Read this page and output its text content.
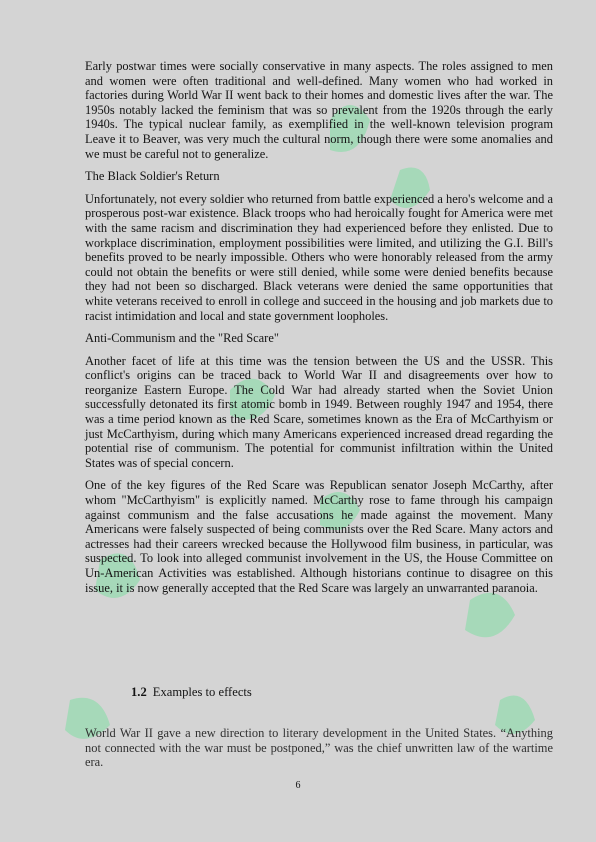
Early postwar times were socially conservative in many aspects. The roles assigned to men and women were often traditional and well-defined. Many women who had worked in factories during World War II went back to their homes and domestic lives after the war. The 1950s notably lacked the feminism that was so prevalent from the 1920s through the early 1940s. The typical nuclear family, as exemplified in the well-known television program Leave it to Beaver, was very much the cultural norm, though there were some anomalies and we must be careful not to generalize.

The Black Soldier's Return

Unfortunately, not every soldier who returned from battle experienced a hero's welcome and a prosperous post-war existence. Black troops who had heroically fought for America were met with the same racism and discrimination they had experienced before they enlisted. Due to workplace discrimination, employment possibilities were limited, and utilizing the G.I. Bill's benefits proved to be nearly impossible. Others who were honorably released from the army could not obtain the benefits or were still denied, while some were denied benefits because they had not been so discharged. Black veterans were denied the same opportunities that white veterans received to enroll in college and succeed in the housing and job markets due to racist intimidation and local and state government loopholes.

Anti-Communism and the "Red Scare"

Another facet of life at this time was the tension between the US and the USSR. This conflict's origins can be traced back to World War II and disagreements over how to reorganize Eastern Europe. The Cold War had already started when the Soviet Union successfully detonated its first atomic bomb in 1949. Between roughly 1947 and 1954, there was a time period known as the Red Scare, sometimes known as the Era of McCarthyism or just McCarthyism, during which many Americans experienced increased dread regarding the potential rise of communism. The potential for communist infiltration within the United States was of special concern.

One of the key figures of the Red Scare was Republican senator Joseph McCarthy, after whom "McCarthyism" is explicitly named. McCarthy rose to fame through his campaign against communism and the false accusations he made against the movement. Many Americans were falsely suspected of being communists over the Red Scare. Many actors and actresses had their careers wrecked because the Hollywood film business, in particular, was suspected. To look into alleged communist involvement in the US, the House Committee on Un-American Activities was established. Although historians continue to disagree on this issue, it is now generally accepted that the Red Scare was largely an unwarranted paranoia.

1.2 Examples to effects

World War II gave a new direction to literary development in the United States. “Anything not connected with the war must be postponed,” was the chief unwritten law of the wartime era.

6
